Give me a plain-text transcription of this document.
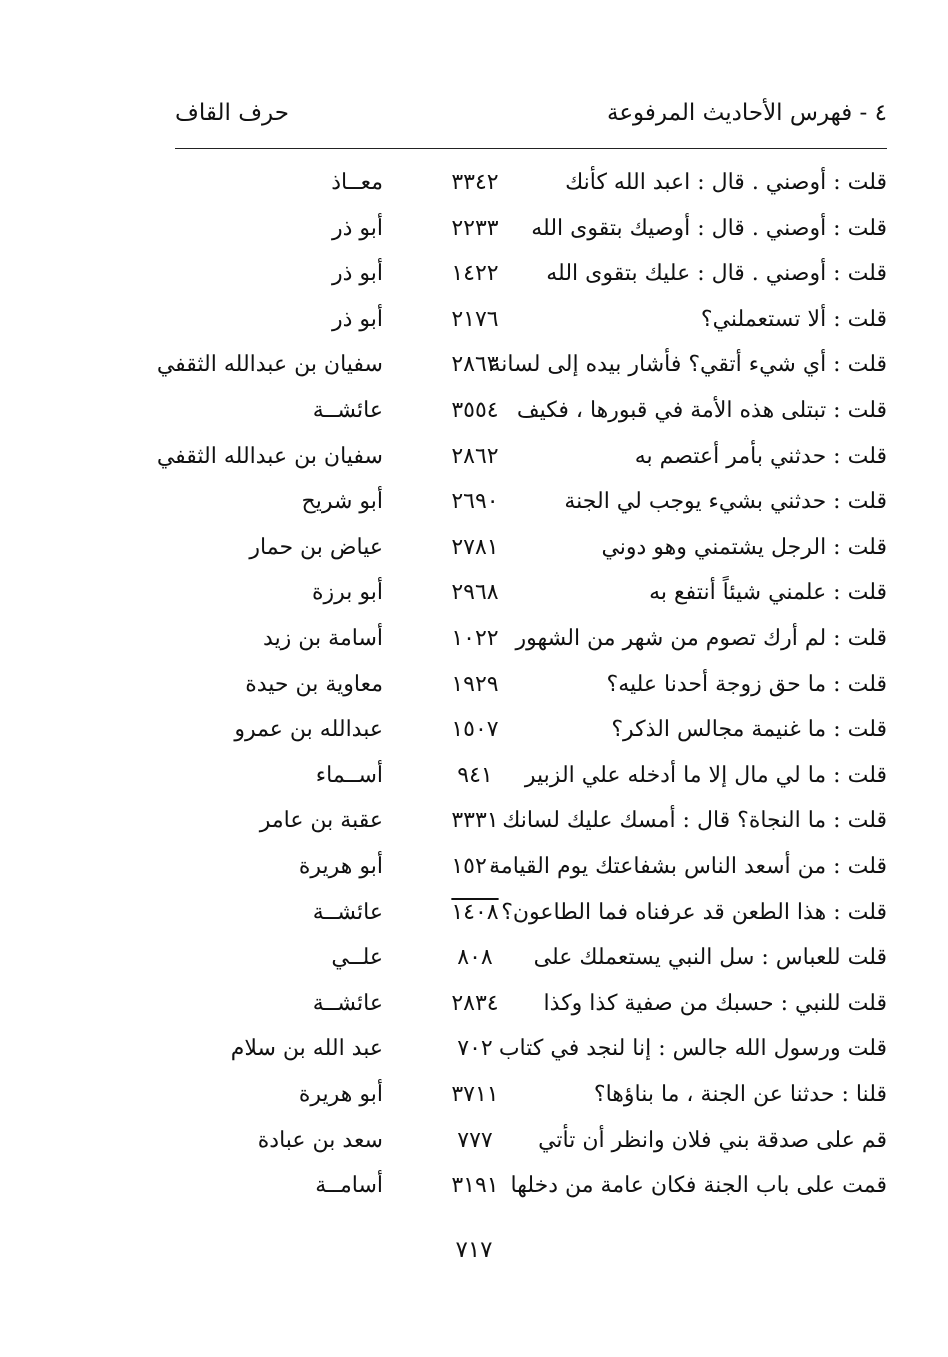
٤ - فهرس الأحاديث المرفوعة
حرف القاف
قلت : أوصني . قال : اعبد الله كأنك
٣٣٤٢
معــاذ
قلت : أوصني . قال : أوصيك بتقوى الله
٢٢٣٣
أبو ذر
قلت : أوصني . قال : عليك بتقوى الله
١٤٢٢
أبو ذر
قلت : ألا تستعملني؟
٢١٧٦
أبو ذر
قلت : أي شيء أتقي؟ فأشار بيده إلى لسانه
٢٨٦٣
سفيان بن عبدالله الثقفي
قلت : تبتلى هذه الأمة في قبورها ، فكيف
٣٥٥٤
عائشــة
قلت : حدثني بأمر أعتصم به
٢٨٦٢
سفيان بن عبدالله الثقفي
قلت : حدثني بشيء يوجب لي الجنة
٢٦٩٠
أبو شريح
قلت : الرجل يشتمني وهو دوني
٢٧٨١
عياض بن حمار
قلت : علمني شيئاً أنتفع به
٢٩٦٨
أبو برزة
قلت : لم أرك تصوم من شهر من الشهور
١٠٢٢
أسامة بن زيد
قلت : ما حق زوجة أحدنا عليه؟
١٩٢٩
معاوية بن حيدة
قلت : ما غنيمة مجالس الذكر؟
١٥٠٧
عبدالله بن عمرو
قلت : ما لي مال إلا ما أدخله علي الزبير
٩٤١
أســماء
قلت : ما النجاة؟ قال : أمسك عليك لسانك
٣٣٣١
عقبة بن عامر
قلت : من أسعد الناس بشفاعتك يوم القيامة
١٥٢٠
أبو هريرة
قلت : هذا الطعن قد عرفناه فما الطاعون؟
١٤٠٨
عائشــة
قلت للعباس : سل النبي يستعملك على
٨٠٨
علــي
قلت للنبي : حسبك من صفية كذا وكذا
٢٨٣٤
عائشــة
قلت ورسول الله جالس : إنا لنجد في كتاب
٧٠٢
عبد الله بن سلام
قلنا : حدثنا عن الجنة ، ما بناؤها؟
٣٧١١
أبو هريرة
قم على صدقة بني فلان وانظر أن تأتي
٧٧٧
سعد بن عبادة
قمت على باب الجنة فكان عامة من دخلها
٣١٩١
أسامــة
٧١٧
